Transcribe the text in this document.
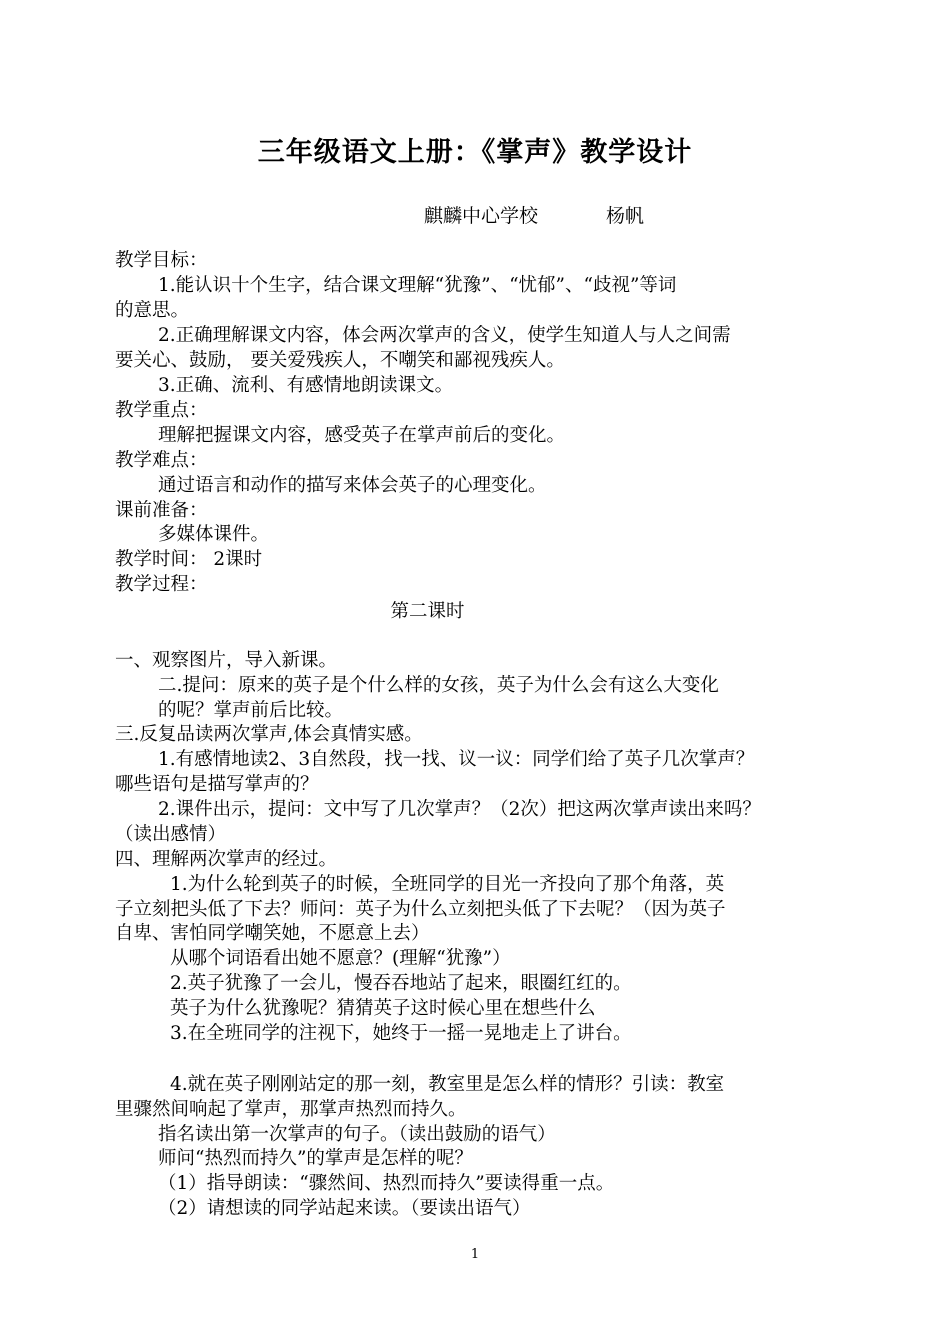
三年级语文上册：《掌声》教学设计
麒麟中心学校	杨帆
教学目标：
1.能认识十个生字，结合课文理解“犹豫”、“忧郁”、“歧视”等词
的意思。
2.正确理解课文内容，体会两次掌声的含义，使学生知道人与人之间需
要关心、鼓励， 要关爱残疾人，不嘲笑和鄙视残疾人。
3.正确、流利、有感情地朗读课文。
教学重点：
理解把握课文内容，感受英子在掌声前后的变化。
教学难点：
通过语言和动作的描写来体会英子的心理变化。
课前准备：
多媒体课件。
教学时间： 2课时
教学过程：
第二课时
一、观察图片，导入新课。
二.提问：原来的英子是个什么样的女孩，英子为什么会有这么大变化
的呢？掌声前后比较。
三.反复品读两次掌声,体会真情实感。
1.有感情地读2、3自然段，找一找、议一议：同学们给了英子几次掌声？
哪些语句是描写掌声的？
2.课件出示，提问：文中写了几次掌声？（2次）把这两次掌声读出来吗？
（读出感情）
四、理解两次掌声的经过。
1.为什么轮到英子的时候，全班同学的目光一齐投向了那个角落，英
子立刻把头低了下去？师问：英子为什么立刻把头低了下去呢？（因为英子
自卑、害怕同学嘲笑她，不愿意上去）
从哪个词语看出她不愿意？(理解“犹豫”）
2.英子犹豫了一会儿，慢吞吞地站了起来，眼圈红红的。
英子为什么犹豫呢？猜猜英子这时候心里在想些什么
3.在全班同学的注视下，她终于一摇一晃地走上了讲台。
4.就在英子刚刚站定的那一刻，教室里是怎么样的情形？引读：教室
里骤然间响起了掌声，那掌声热烈而持久。
指名读出第一次掌声的句子。（读出鼓励的语气）
师问“热烈而持久”的掌声是怎样的呢？
（1）指导朗读：“骤然间、热烈而持久”要读得重一点。
（2）请想读的同学站起来读。（要读出语气）
1
